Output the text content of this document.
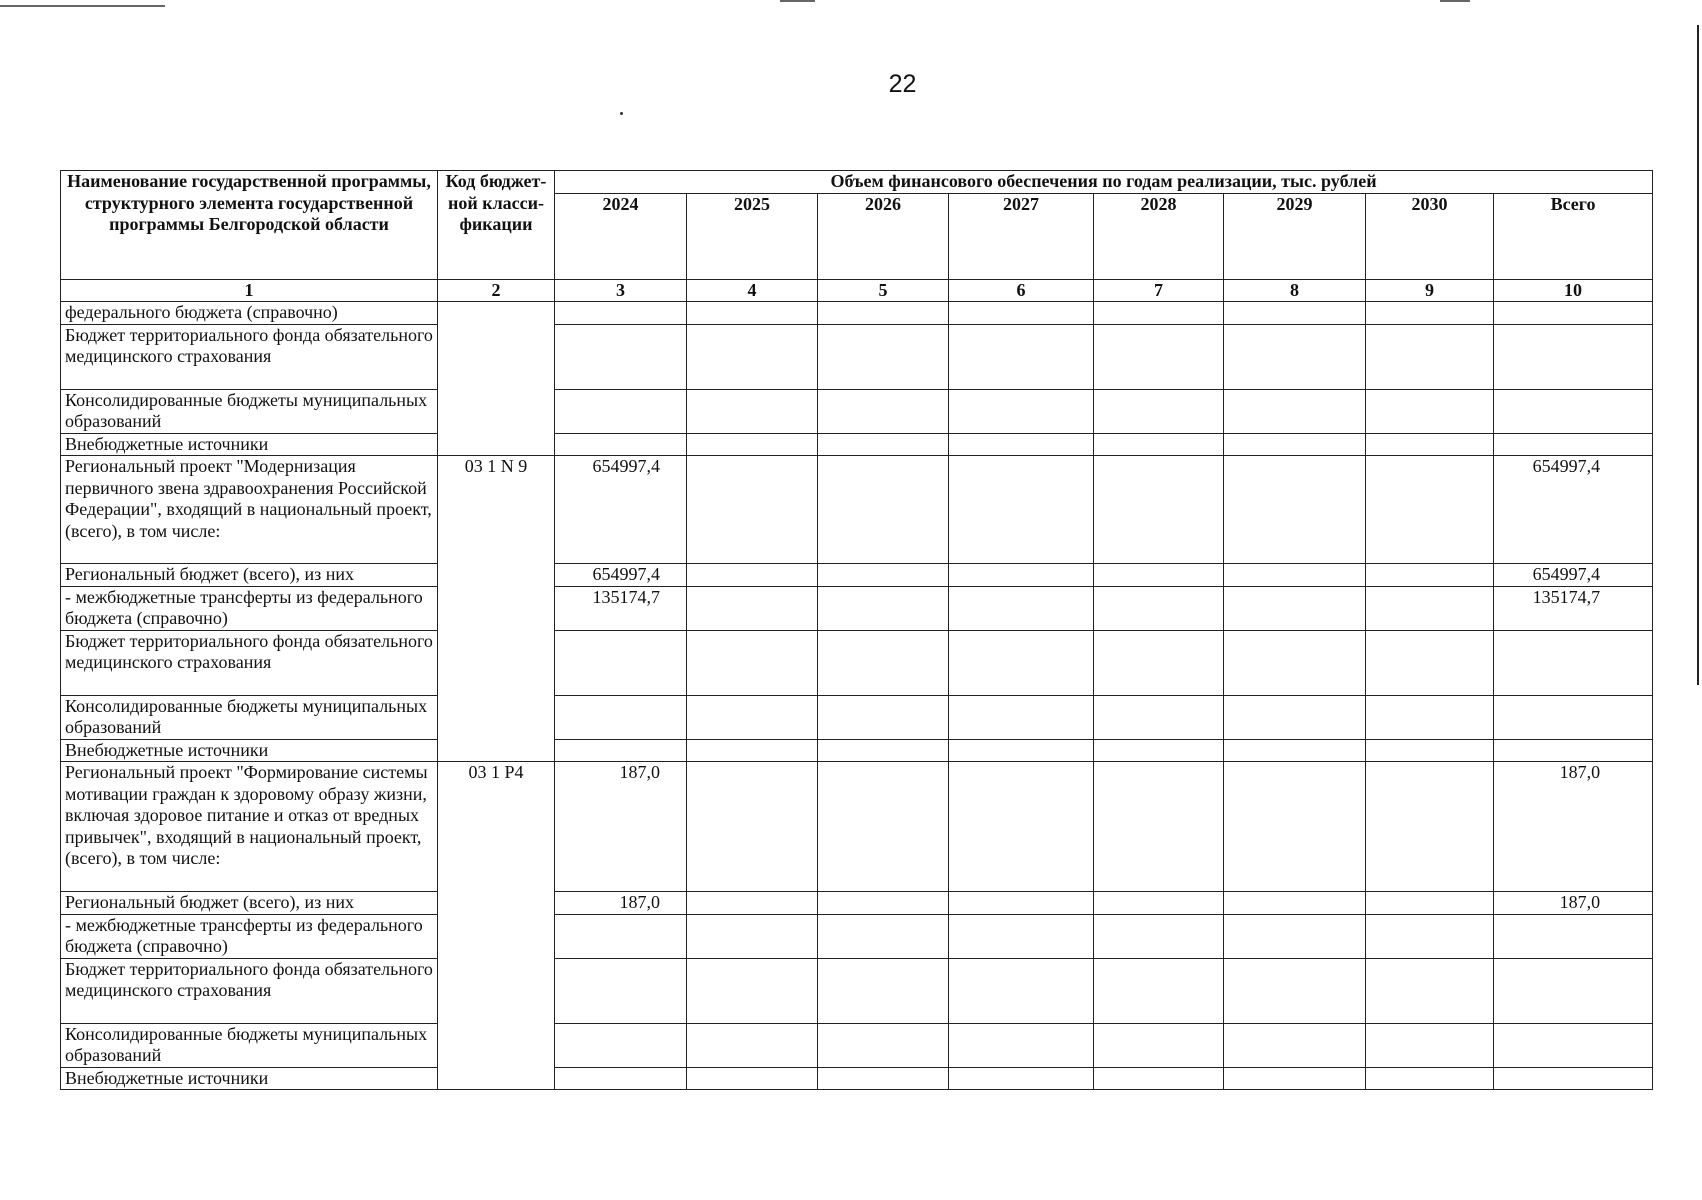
22
Наименование государственной программы, структурного элемента государственной программы Белгородской области	Код бюджет-ной класси-фикации	Объем финансового обеспечения по годам реализации, тыс. рублей							
		2024	2025	2026	2027	2028	2029	2030	Всего
1	2	3	4	5	6	7	8	9	10
федерального бюджета (справочно)									
Бюджет территориального фонда обязательного медицинского страхования									
Консолидированные бюджеты муниципальных образований									
Внебюджетные источники									
Региональный проект "Модернизация первичного звена здравоохранения Российской Федерации", входящий в национальный проект, (всего), в том числе:	03 1 N 9	654997,4							654997,4
Региональный бюджет (всего), из них		654997,4							654997,4
- межбюджетные трансферты из федерального бюджета (справочно)		135174,7							135174,7
Бюджет территориального фонда обязательного медицинского страхования									
Консолидированные бюджеты муниципальных образований									
Внебюджетные источники									
Региональный проект "Формирование системы мотивации граждан к здоровому образу жизни, включая здоровое питание и отказ от вредных привычек", входящий в национальный проект, (всего), в том числе:	03 1 P4	187,0							187,0
Региональный бюджет (всего), из них		187,0							187,0
- межбюджетные трансферты из федерального бюджета (справочно)									
Бюджет территориального фонда обязательного медицинского страхования									
Консолидированные бюджеты муниципальных образований									
Внебюджетные источники									
